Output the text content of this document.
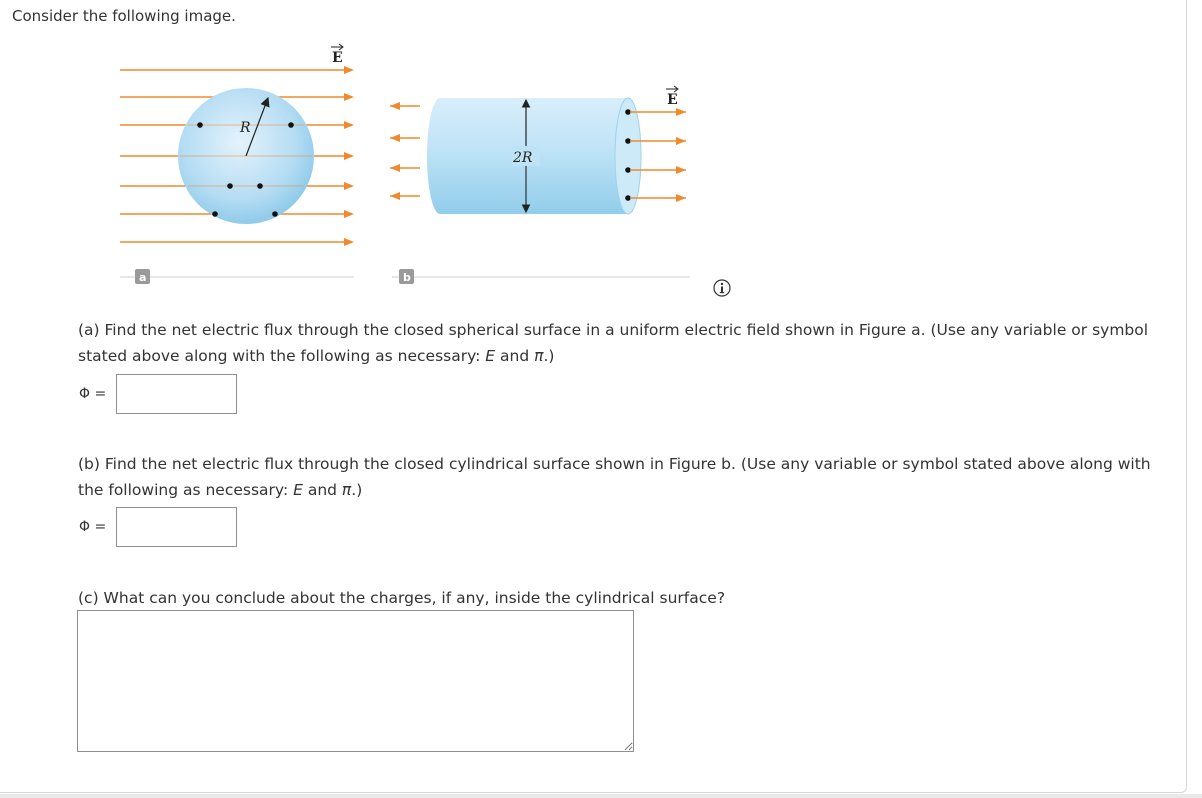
Consider the following image.
R
E
a
2R
E
b
(a) Find the net electric flux through the closed spherical surface in a uniform electric field shown in Figure a. (Use any variable or symbol stated above along with the following as necessary: E and π.)
Φ =
(b) Find the net electric flux through the closed cylindrical surface shown in Figure b. (Use any variable or symbol stated above along with the following as necessary: E and π.)
Φ =
(c) What can you conclude about the charges, if any, inside the cylindrical surface?
